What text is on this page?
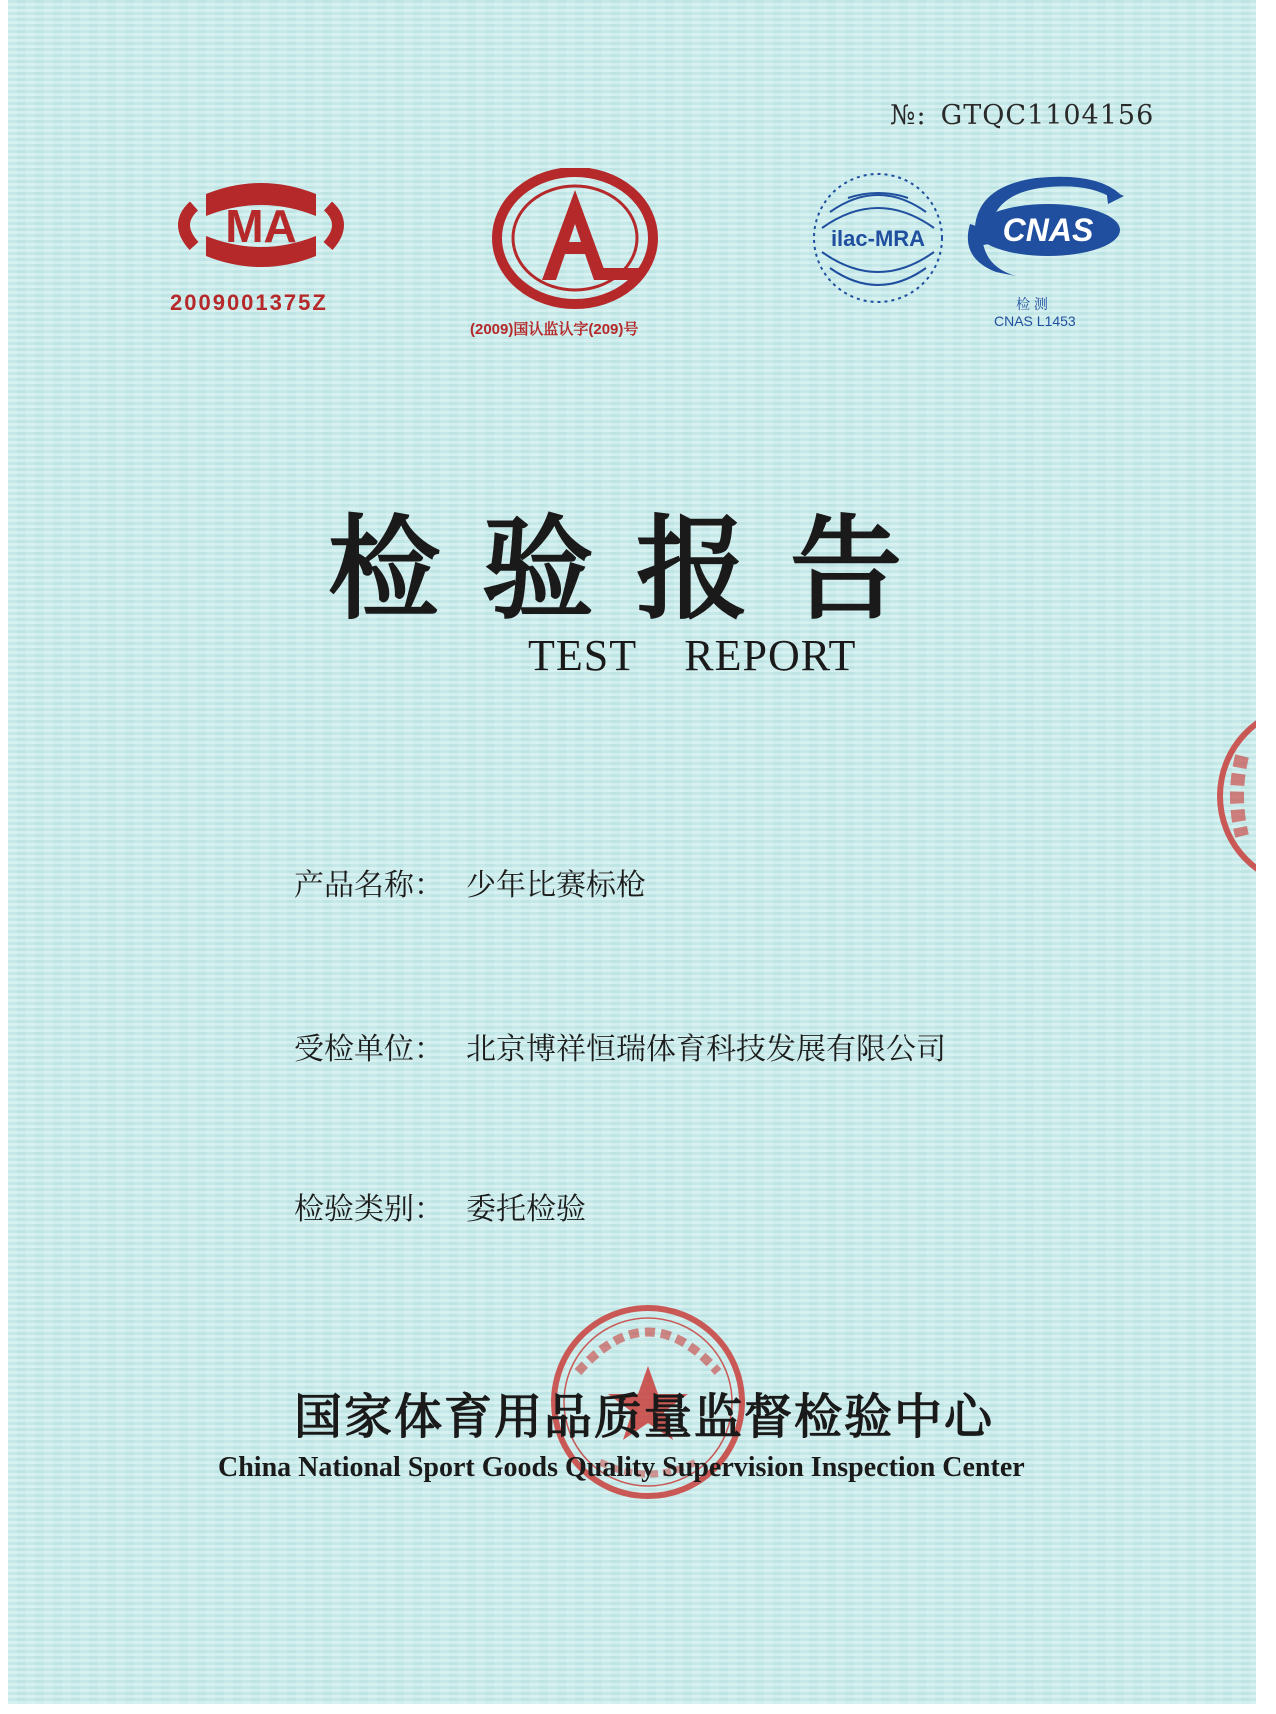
№: GTQC1104156
MA
2009001375Z	A
(2009)国认监认字(209)号
ilac-MRA CNAS
检 测
CNAS L1453
检验报告
TEST    REPORT
产品名称： 少年比赛标枪
受检单位： 北京博祥恒瑞体育科技发展有限公司
检验类别： 委托检验
国家体育用品质量监督检验中心
China National Sport Goods Quality Supervision Inspection Center
